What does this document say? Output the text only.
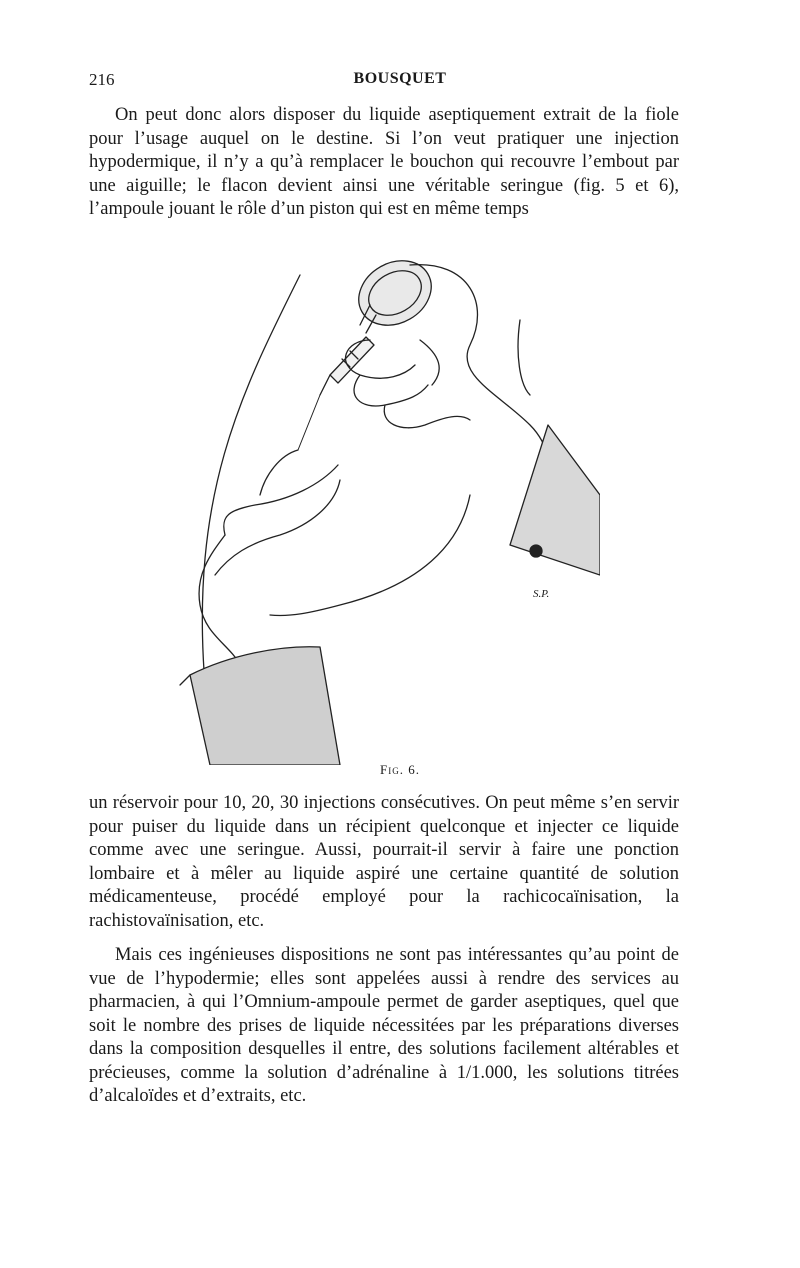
216	BOUSQUET

On peut donc alors disposer du liquide aseptiquement extrait de la fiole pour l’usage auquel on le destine. Si l’on veut pratiquer une injection hypodermique, il n’y a qu’à remplacer le bouchon qui recouvre l’embout par une aiguille; le flacon devient ainsi une véritable seringue (fig. 5 et 6), l’ampoule jouant le rôle d’un piston qui est en même temps

S.P.
Fig. 6.

un réservoir pour 10, 20, 30 injections consécutives. On peut même s’en servir pour puiser du liquide dans un récipient quelconque et injecter ce liquide comme avec une seringue. Aussi, pourrait-il servir à faire une ponction lombaire et à mêler au liquide aspiré une certaine quantité de solution médicamenteuse, procédé employé pour la rachicocaïnisation, la rachistovaïnisation, etc.

Mais ces ingénieuses dispositions ne sont pas intéressantes qu’au point de vue de l’hypodermie; elles sont appelées aussi à rendre des services au pharmacien, à qui l’Omnium-ampoule permet de garder aseptiques, quel que soit le nombre des prises de liquide nécessitées par les préparations diverses dans la composition desquelles il entre, des solutions facilement altérables et précieuses, comme la solution d’adrénaline à 1/1.000, les solutions titrées d’alcaloïdes et d’extraits, etc.
